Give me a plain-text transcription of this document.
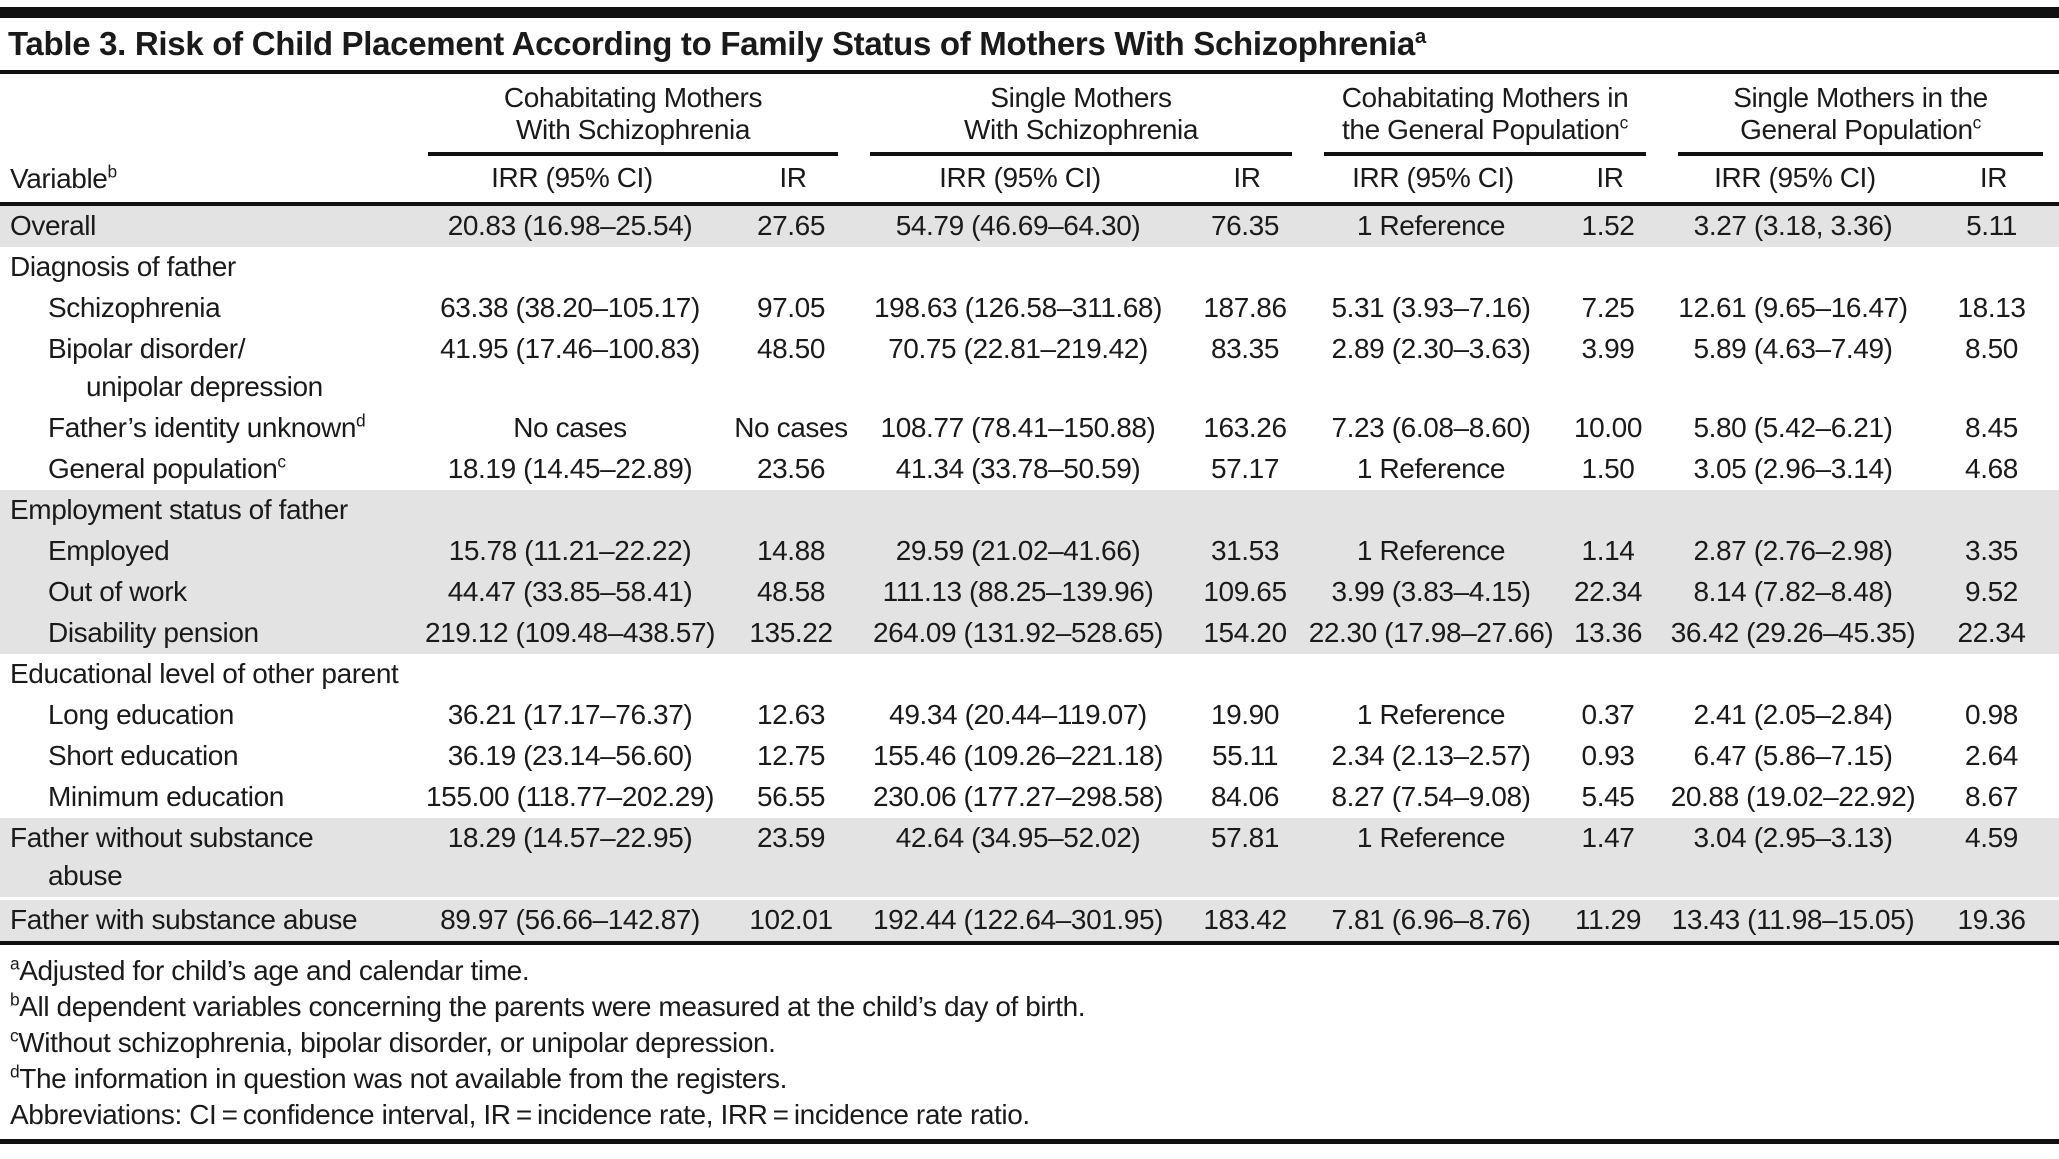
Table 3. Risk of Child Placement According to Family Status of Mothers With Schizophrenia$^a$
Variable$^b$	Cohabitating Mothers
With Schizophrenia		Single Mothers
With Schizophrenia		Cohabitating Mothers in
the General Population$^c$		Single Mothers in the
General Population$^c$

	IRR (95% CI)	IR	IRR (95% CI)	IR	IRR (95% CI)	IR	IRR (95% CI)	IR

Overall	20.83 (16.98–25.54)	27.65	54.79 (46.69–64.30)	76.35	1 Reference	1.52	3.27 (3.18, 3.36)	5.11

Diagnosis of father								

Schizophrenia	63.38 (38.20–105.17)	97.05	198.63 (126.58–311.68)	187.86	5.31 (3.93–7.16)	7.25	12.61 (9.65–16.47)	18.13

Bipolar disorder/
unipolar depression	41.95 (17.46–100.83)	48.50	70.75 (22.81–219.42)	83.35	2.89 (2.30–3.63)	3.99	5.89 (4.63–7.49)	8.50

Father’s identity unknown$^d$	No cases	No cases	108.77 (78.41–150.88)	163.26	7.23 (6.08–8.60)	10.00	5.80 (5.42–6.21)	8.45

General population$^c$	18.19 (14.45–22.89)	23.56	41.34 (33.78–50.59)	57.17	1 Reference	1.50	3.05 (2.96–3.14)	4.68

Employment status of father								

Employed	15.78 (11.21–22.22)	14.88	29.59 (21.02–41.66)	31.53	1 Reference	1.14	2.87 (2.76–2.98)	3.35

Out of work	44.47 (33.85–58.41)	48.58	111.13 (88.25–139.96)	109.65	3.99 (3.83–4.15)	22.34	8.14 (7.82–8.48)	9.52

Disability pension	219.12 (109.48–438.57)	135.22	264.09 (131.92–528.65)	154.20	22.30 (17.98–27.66)	13.36	36.42 (29.26–45.35)	22.34

Educational level of other parent								

Long education	36.21 (17.17–76.37)	12.63	49.34 (20.44–119.07)	19.90	1 Reference	0.37	2.41 (2.05–2.84)	0.98

Short education	36.19 (23.14–56.60)	12.75	155.46 (109.26–221.18)	55.11	2.34 (2.13–2.57)	0.93	6.47 (5.86–7.15)	2.64

Minimum education	155.00 (118.77–202.29)	56.55	230.06 (177.27–298.58)	84.06	8.27 (7.54–9.08)	5.45	20.88 (19.02–22.92)	8.67

Father without substance
abuse	18.29 (14.57–22.95)	23.59	42.64 (34.95–52.02)	57.81	1 Reference	1.47	3.04 (2.95–3.13)	4.59

Father with substance abuse	89.97 (56.66–142.87)	102.01	192.44 (122.64–301.95)	183.42	7.81 (6.96–8.76)	11.29	13.43 (11.98–15.05)	19.36
$^a$Adjusted for child’s age and calendar time.
$^b$All dependent variables concerning the parents were measured at the child’s day of birth.
$^c$Without schizophrenia, bipolar disorder, or unipolar depression.
$^d$The information in question was not available from the registers.
Abbreviations: CI = confidence interval, IR = incidence rate, IRR = incidence rate ratio.
